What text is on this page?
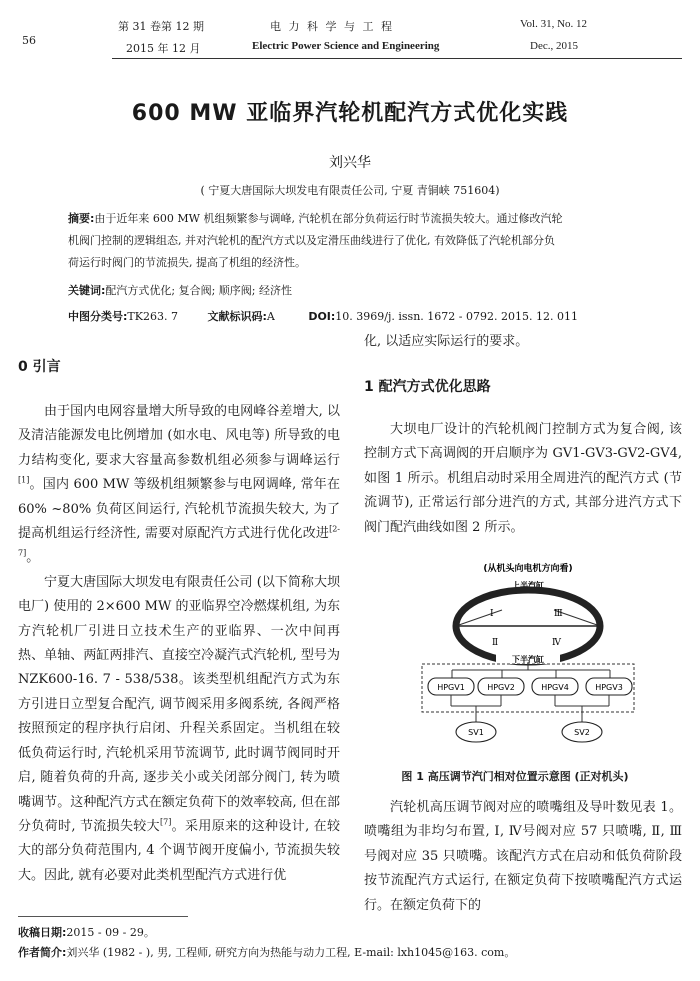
56
第 31 卷第 12 期
2015 年 12 月
电 力 科 学 与 工 程
Electric Power Science and Engineering
Vol. 31, No. 12
Dec., 2015
600 MW 亚临界汽轮机配汽方式优化实践
刘兴华
( 宁夏大唐国际大坝发电有限责任公司, 宁夏 青铜峡 751604)
摘要:由于近年来 600 MW 机组频繁参与调峰, 汽轮机在部分负荷运行时节流损失较大。通过修改汽轮
机阀门控制的逻辑组态, 并对汽轮机的配汽方式以及定滑压曲线进行了优化, 有效降低了汽轮机部分负
荷运行时阀门的节流损失, 提高了机组的经济性。
关键词:配汽方式优化; 复合阀; 顺序阀; 经济性
中图分类号:TK263. 7	文献标识码:A	DOI:10. 3969/j. issn. 1672 - 0792. 2015. 12. 011
0 引言

由于国内电网容量增大所导致的电网峰谷差增大, 以及清洁能源发电比例增加 (如水电、风电等) 所导致的电力结构变化, 要求大容量高参数机组必须参与调峰运行[1]。国内 600 MW 等级机组频繁参与电网调峰, 常年在 60% ~80% 负荷区间运行, 汽轮机节流损失较大, 为了提高机组运行经济性, 需要对原配汽方式进行优化改进[2-7]。

宁夏大唐国际大坝发电有限责任公司 (以下简称大坝电厂) 使用的 2×600 MW 的亚临界空冷燃煤机组, 为东方汽轮机厂引进日立技术生产的亚临界、一次中间再热、单轴、两缸两排汽、直接空冷凝汽式汽轮机, 型号为 NZK600-16. 7 - 538/538。该类型机组配汽方式为东方引进日立型复合配汽, 调节阀采用多阀系统, 各阀严格按照预定的程序执行启闭、升程关系固定。当机组在较低负荷运行时, 汽轮机采用节流调节, 此时调节阀同时开启, 随着负荷的升高, 逐步关小或关闭部分阀门, 转为喷嘴调节。这种配汽方式在额定负荷下的效率较高, 但在部分负荷时, 节流损失较大[7]。采用原来的这种设计, 在较大的部分负荷范围内, 4 个调节阀开度偏小, 节流损失较大。因此, 就有必要对此类机型配汽方式进行优

化, 以适应实际运行的要求。
1 配汽方式优化思路

大坝电厂设计的汽轮机阀门控制方式为复合阀, 该控制方式下高调阀的开启顺序为 GV1-GV3-GV2-GV4, 如图 1 所示。机组启动时采用全周进汽的配汽方式 (节流调节), 正常运行部分进汽的方式, 其部分进汽方式下阀门配汽曲线如图 2 所示。

(从机头向电机方向看)
上半汽缸
Ⅰ
Ⅱ
Ⅲ
Ⅳ
下半汽缸
HPGV1	HPGV2	HPGV4	HPGV3
SV1	SV2
图 1 高压调节汽门相对位置示意图 (正对机头)

汽轮机高压调节阀对应的喷嘴组及导叶数见表 1。喷嘴组为非均匀布置, Ⅰ, Ⅳ号阀对应 57 只喷嘴, Ⅱ, Ⅲ号阀对应 35 只喷嘴。该配汽方式在启动和低负荷阶段按节流配汽方式运行, 在额定负荷下按喷嘴配汽方式运行。在额定负荷下的

收稿日期:2015 - 09 - 29。
作者简介:刘兴华 (1982 - ), 男, 工程师, 研究方向为热能与动力工程, E-mail: lxh1045@163. com。
